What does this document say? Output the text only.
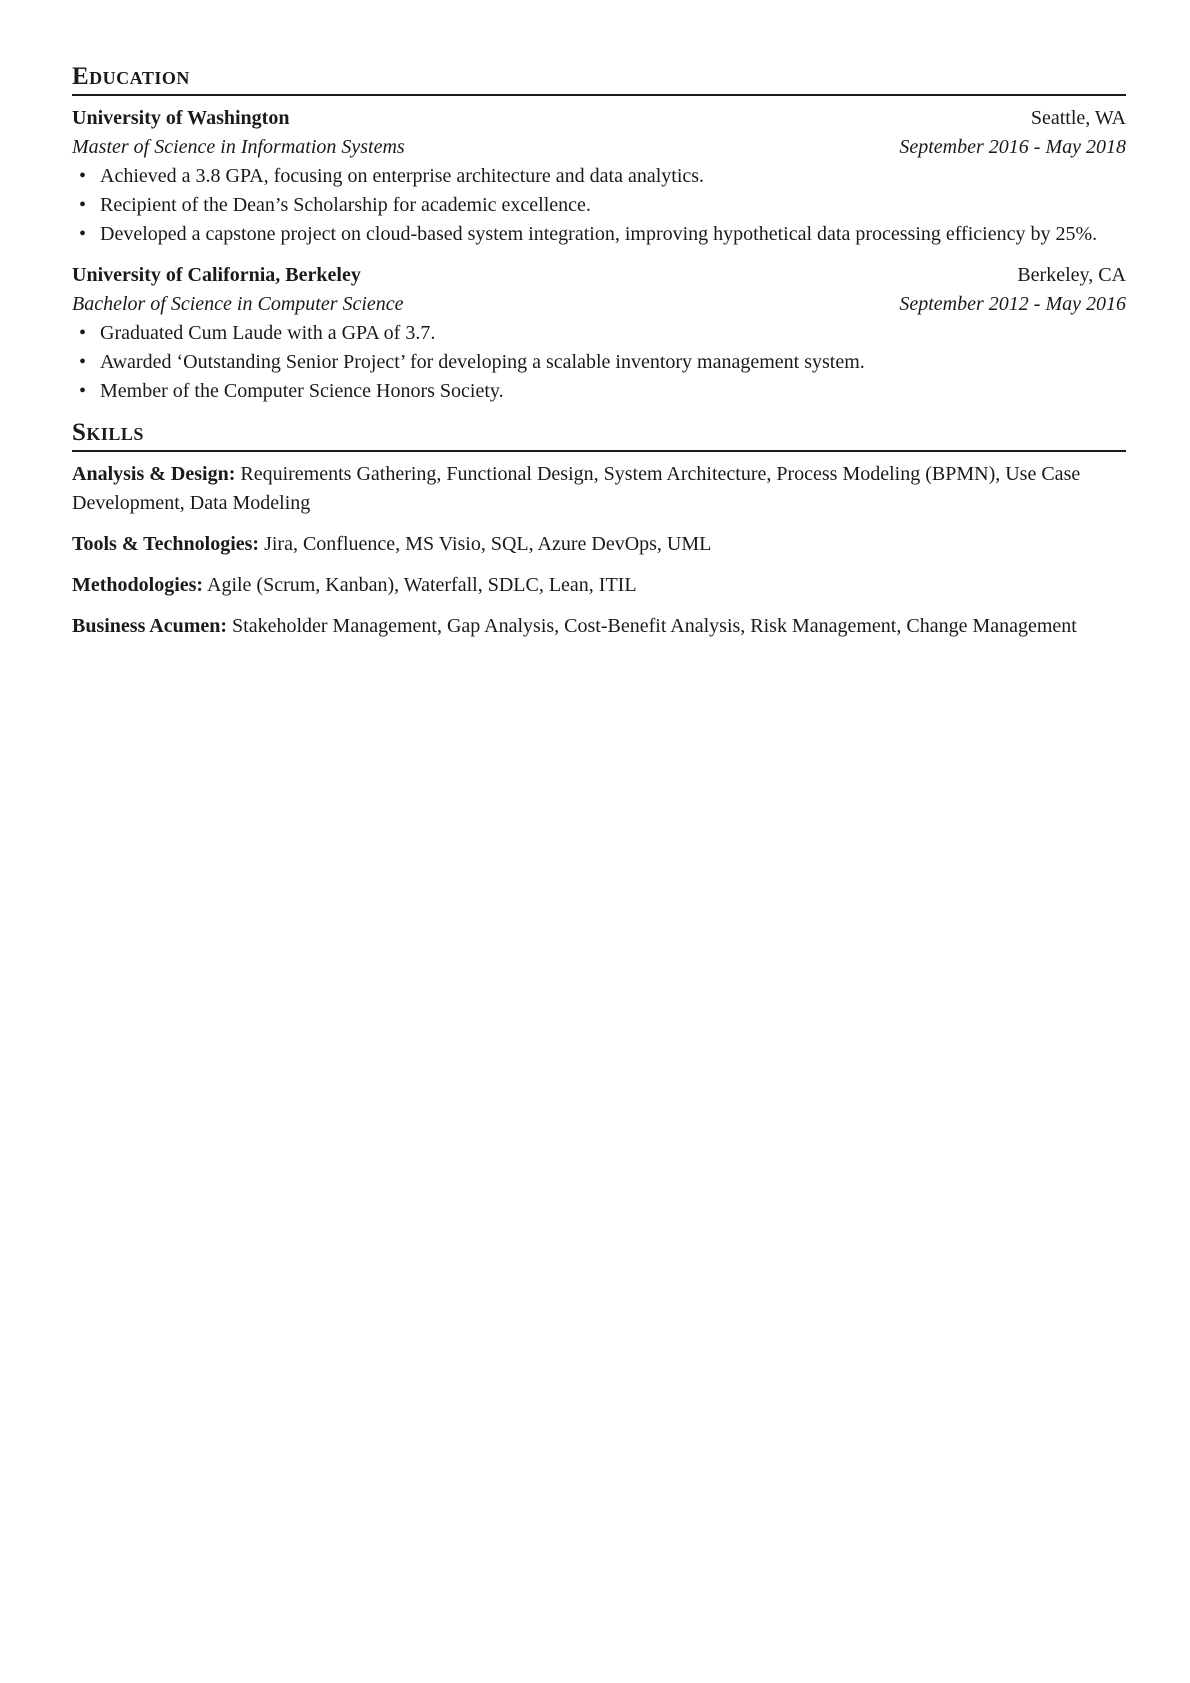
Education
University of Washington	Seattle, WA
Master of Science in Information Systems	September 2016 - May 2018
• Achieved a 3.8 GPA, focusing on enterprise architecture and data analytics.
• Recipient of the Dean’s Scholarship for academic excellence.
• Developed a capstone project on cloud-based system integration, improving hypothetical data processing efficiency by 25%.
University of California, Berkeley	Berkeley, CA
Bachelor of Science in Computer Science	September 2012 - May 2016
• Graduated Cum Laude with a GPA of 3.7.
• Awarded ‘Outstanding Senior Project’ for developing a scalable inventory management system.
• Member of the Computer Science Honors Society.
Skills
Analysis & Design: Requirements Gathering, Functional Design, System Architecture, Process Modeling (BPMN), Use Case Development, Data Modeling
Tools & Technologies: Jira, Confluence, MS Visio, SQL, Azure DevOps, UML
Methodologies: Agile (Scrum, Kanban), Waterfall, SDLC, Lean, ITIL
Business Acumen: Stakeholder Management, Gap Analysis, Cost-Benefit Analysis, Risk Management, Change Management
